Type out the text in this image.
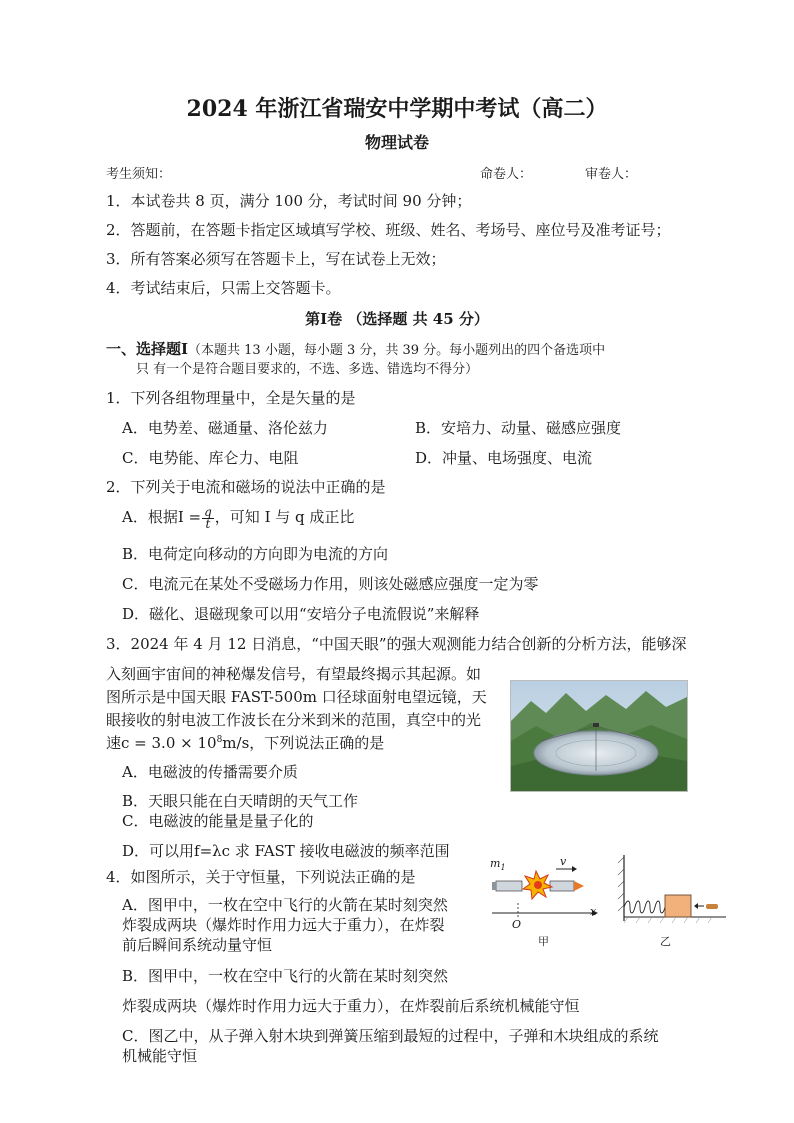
2024 年浙江省瑞安中学期中考试（高二）
物理试卷
考生须知：	命卷人：	审卷人：
1．本试卷共 8 页，满分 100 分，考试时间 90 分钟；
2．答题前，在答题卡指定区域填写学校、班级、姓名、考场号、座位号及准考证号；
3．所有答案必须写在答题卡上，写在试卷上无效；
4．考试结束后，只需上交答题卡。
第Ⅰ卷 （选择题 共 45 分）
一、选择题Ⅰ（本题共 13 小题，每小题 3 分，共 39 分。每小题列出的四个备选项中
只 有一个是符合题目要求的，不选、多选、错选均不得分）
1．下列各组物理量中，全是矢量的是
A．电势差、磁通量、洛伦兹力	B．安培力、动量、磁感应强度
C．电势能、库仑力、电阻	D．冲量、电场强度、电流
2．下列关于电流和磁场的说法中正确的是
A．根据$I = \frac{q}{t}$ ，可知 I 与 q 成正比
B．电荷定向移动的方向即为电流的方向
C．电流元在某处不受磁场力作用，则该处磁感应强度一定为零
D．磁化、退磁现象可以用“安培分子电流假说”来解释
3．2024 年 4 月 12 日消息，“中国天眼”的强大观测能力结合创新的分析方法，能够深
入刻画宇宙间的神秘爆发信号，有望最终揭示其起源。如
图所示是中国天眼 FAST-500m 口径球面射电望远镜，天
眼接收的射电波工作波长在分米到米的范围，真空中的光
速$c = 3.0 \times 10^8m/s$，下列说法正确的是
A．电磁波的传播需要介质
B．天眼只能在白天晴朗的天气工作
C．电磁波的能量是量子化的
D．可以用f=λc 求 FAST 接收电磁波的频率范围
4．如图所示，关于守恒量，下列说法正确的是
A．图甲中，一枚在空中飞行的火箭在某时刻突然
炸裂成两块（爆炸时作用力远大于重力），在炸裂
前后瞬间系统动量守恒
B．图甲中，一枚在空中飞行的火箭在某时刻突然
炸裂成两块（爆炸时作用力远大于重力），在炸裂前后系统机械能守恒
C．图乙中，从子弹入射木块到弹簧压缩到最短的过程中，子弹和木块组成的系统
机械能守恒
$m_1$	v
O
x
甲	乙
